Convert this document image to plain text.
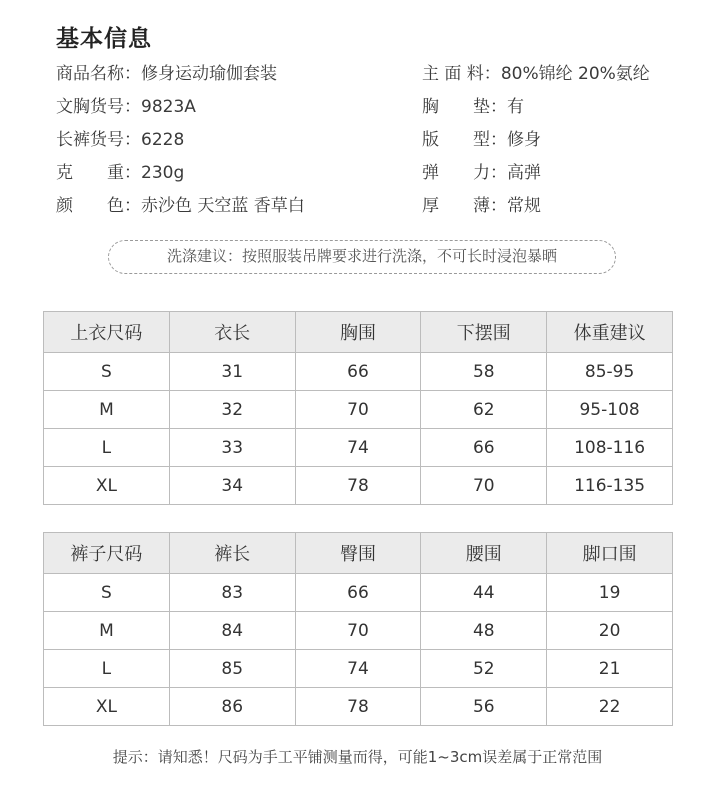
基本信息
商品名称：修身运动瑜伽套装
文胸货号：9823A
长裤货号：6228
克　　重：230g
颜　　色：赤沙色 天空蓝 香草白
主 面 料：80%锦纶 20%氨纶
胸　　垫：有
版　　型：修身
弹　　力：高弹
厚　　薄：常规
洗涤建议：按照服装吊牌要求进行洗涤，不可长时浸泡暴晒
上衣尺码	衣长	胸围	下摆围	体重建议
S	31	66	58	85-95
M	32	70	62	95-108
L	33	74	66	108-116
XL	34	78	70	116-135
裤子尺码	裤长	臀围	腰围	脚口围
S	83	66	44	19
M	84	70	48	20
L	85	74	52	21
XL	86	78	56	22
提示：请知悉！尺码为手工平铺测量而得，可能1~3cm误差属于正常范围
